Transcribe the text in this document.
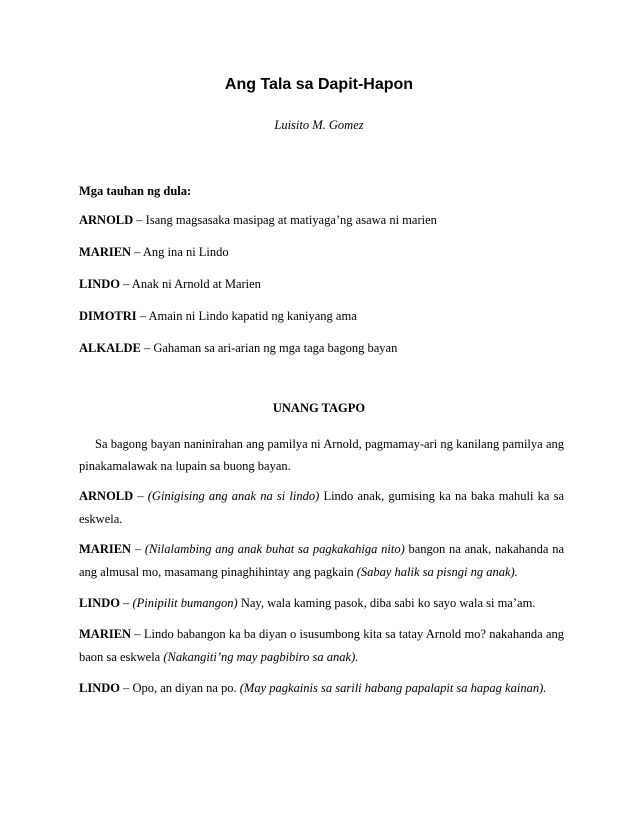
Ang Tala sa Dapit-Hapon
Luisito M. Gomez
Mga tauhan ng dula:
ARNOLD – Isang magsasaka masipag at matiyaga’ng asawa ni marien
MARIEN – Ang ina ni Lindo
LINDO – Anak ni Arnold at Marien
DIMOTRI – Amain ni Lindo kapatid ng kaniyang ama
ALKALDE – Gahaman sa ari-arian ng mga taga bagong bayan
UNANG TAGPO
Sa bagong bayan naninirahan ang pamilya ni Arnold, pagmamay-ari ng kanilang pamilya ang
pinakamalawak na lupain sa buong bayan.
ARNOLD – (Ginigising ang anak na si lindo) Lindo anak, gumising ka na baka mahuli ka sa
eskwela.
MARIEN – (Nilalambing ang anak buhat sa pagkakahiga nito) bangon na anak, nakahanda na
ang almusal mo, masamang pinaghihintay ang pagkain (Sabay halik sa pisngi ng anak).
LINDO – (Pinipilit bumangon) Nay, wala kaming pasok, diba sabi ko sayo wala si ma’am.
MARIEN – Lindo babangon ka ba diyan o isusumbong kita sa tatay Arnold mo? nakahanda ang
baon sa eskwela (Nakangiti’ng may pagbibiro sa anak).
LINDO – Opo, an diyan na po. (May pagkainis sa sarili habang papalapit sa hapag kainan).
